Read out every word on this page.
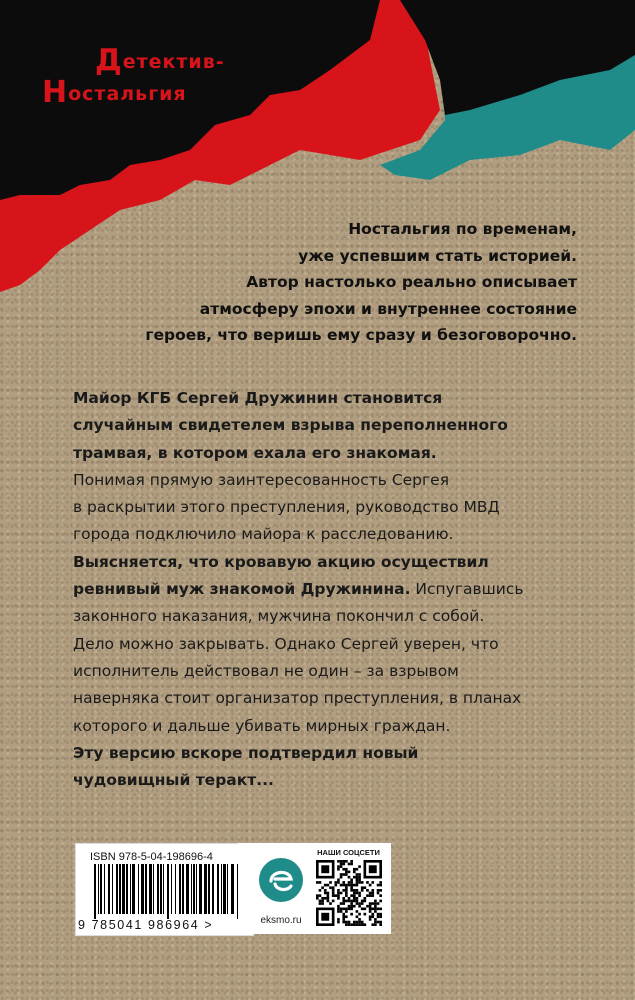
Детектив-
Ностальгия
Ностальгия по временам,
уже успевшим стать историей.
Автор настолько реально описывает
атмосферу эпохи и внутреннее состояние
героев, что веришь ему сразу и безоговорочно.
Майор КГБ Сергей Дружинин становится
случайным свидетелем взрыва переполненного
трамвая, в котором ехала его знакомая.
Понимая прямую заинтересованность Сергея
в раскрытии этого преступления, руководство МВД
города подключило майора к расследованию.
Выясняется, что кровавую акцию осуществил
ревнивый муж знакомой Дружинина. Испугавшись
законного наказания, мужчина покончил с собой.
Дело можно закрывать. Однако Сергей уверен, что
исполнитель действовал не один – за взрывом
наверняка стоит организатор преступления, в планах
которого и дальше убивать мирных граждан.
Эту версию вскоре подтвердил новый
чудовищный теракт...
ISBN 978-5-04-198696-4
9 785041 986964 >	eksmo.ru
НАШИ СОЦСЕТИ
